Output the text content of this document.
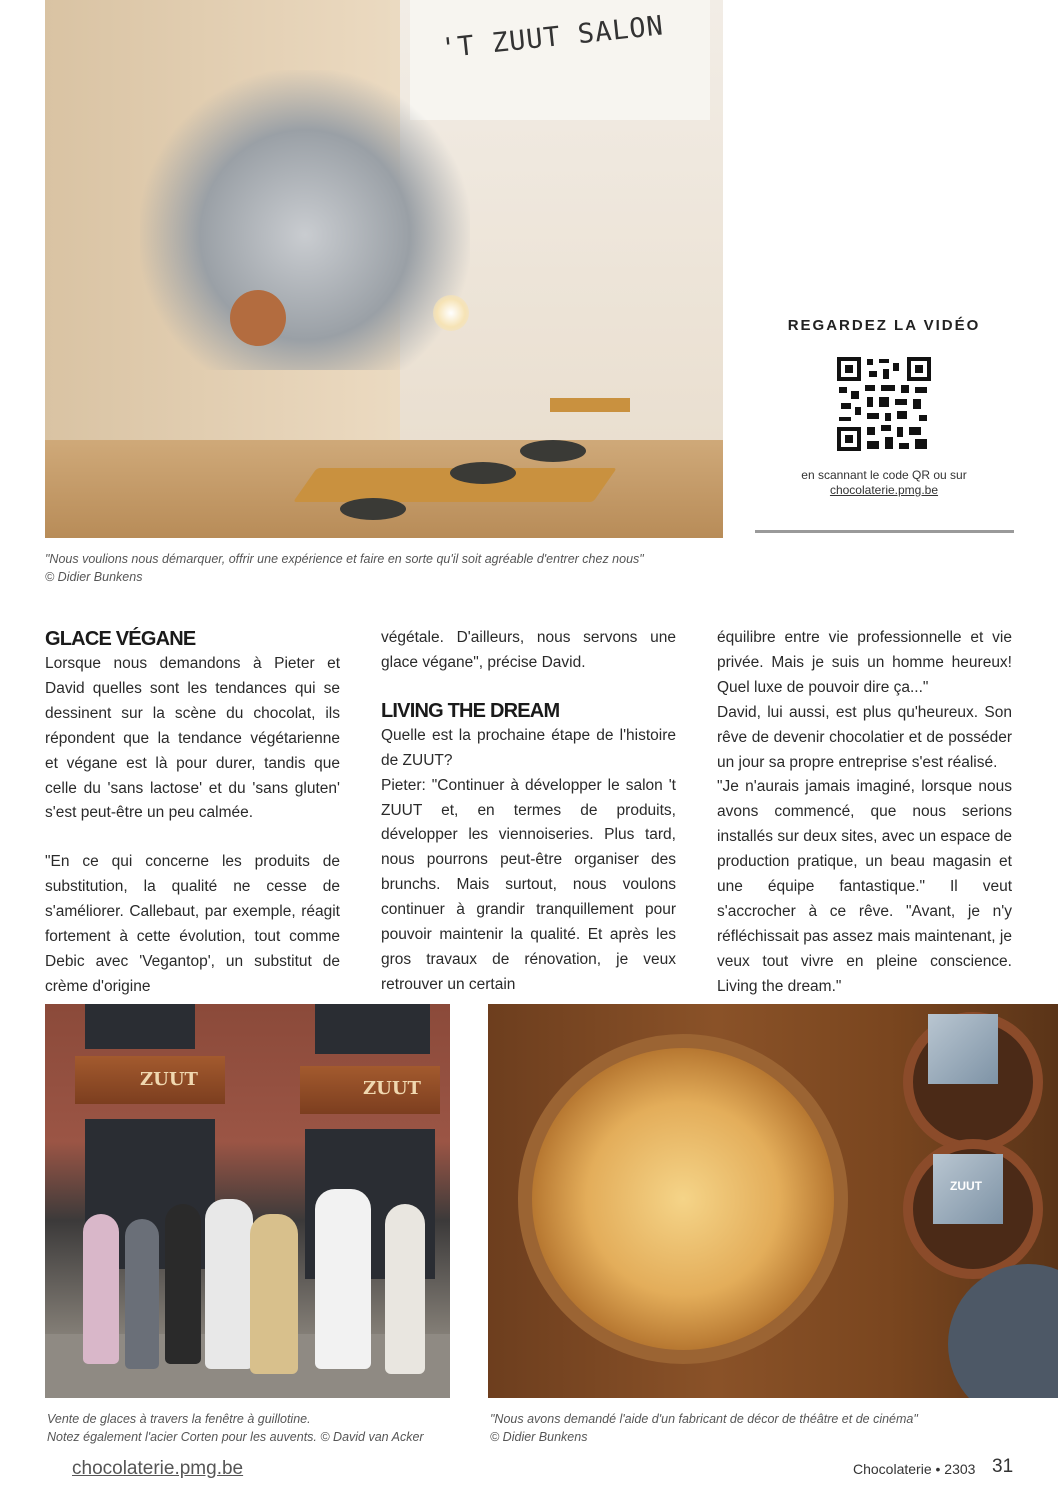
'T ZUUT SALON
REGARDEZ LA VIDÉO
en scannant le code QR ou sur
chocolaterie.pmg.be
"Nous voulions nous démarquer, offrir une expérience et faire en sorte qu'il soit agréable d'entrer chez nous"
© Didier Bunkens
GLACE VÉGANE

Lorsque nous demandons à Pieter et David quelles sont les tendances qui se dessinent sur la scène du chocolat, ils répondent que la tendance végétarienne et végane est là pour durer, tandis que celle du 'sans lactose' et du 'sans gluten' s'est peut-être un peu calmée.

"En ce qui concerne les produits de substitution, la qualité ne cesse de s'améliorer. Callebaut, par exemple, réagit fortement à cette évolution, tout comme Debic avec 'Vegantop', un substitut de crème d'origine

végétale. D'ailleurs, nous servons une glace végane", précise David.

LIVING THE DREAM

Quelle est la prochaine étape de l'histoire de ZUUT?

Pieter: "Continuer à développer le salon 't ZUUT et, en termes de produits, développer les viennoiseries. Plus tard, nous pourrons peut-être organiser des brunchs. Mais surtout, nous voulons continuer à grandir tranquillement pour pouvoir maintenir la qualité. Et après les gros travaux de rénovation, je veux retrouver un certain

équilibre entre vie professionnelle et vie privée. Mais je suis un homme heureux! Quel luxe de pouvoir dire ça..."

David, lui aussi, est plus qu'heureux. Son rêve de devenir chocolatier et de posséder un jour sa propre entreprise s'est réalisé.

"Je n'aurais jamais imaginé, lorsque nous avons commencé, que nous serions installés sur deux sites, avec un espace de production pratique, un beau magasin et une équipe fantastique." Il veut s'accrocher à ce rêve. "Avant, je n'y réfléchissait pas assez mais maintenant, je veux tout vivre en pleine conscience. Living the dream."

ZUUT	ZUUT
ZUUT
Vente de glaces à travers la fenêtre à guillotine.
Notez également l'acier Corten pour les auvents. © David van Acker
"Nous avons demandé l'aide d'un fabricant de décor de théâtre et de cinéma"
© Didier Bunkens
chocolaterie.pmg.be	Chocolaterie • 2303 31
